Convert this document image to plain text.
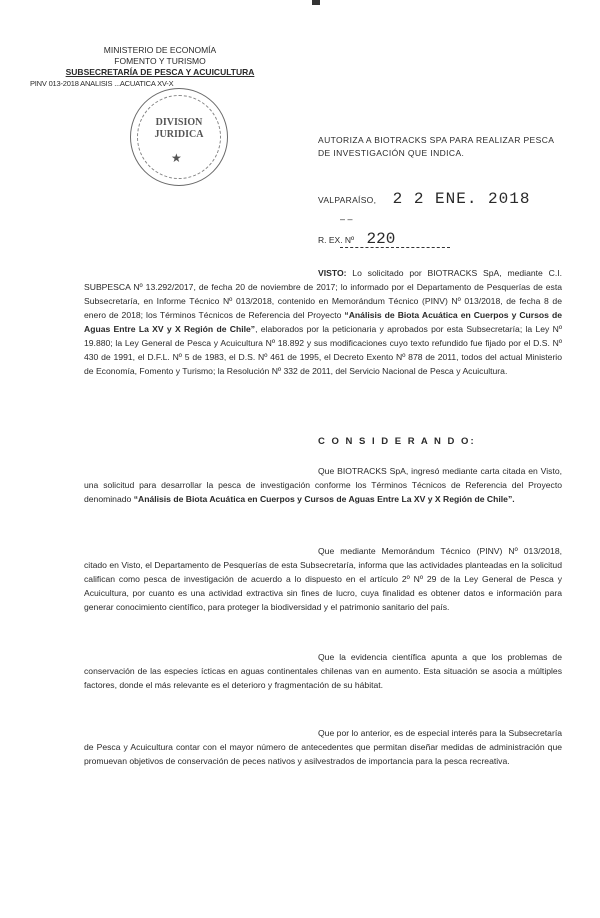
MINISTERIO DE ECONOMÍA
FOMENTO Y TURISMO
SUBSECRETARÍA DE PESCA Y ACUICULTURA
PINV 013-2018 ANALISIS ...ACUATICA XV-X
DIVISION
JURIDICA
★
AUTORIZA A BIOTRACKS SPA PARA REALIZAR PESCA DE INVESTIGACIÓN QUE INDICA.
VALPARAÍSO, 2 2 ENE. 2018
– –
R. EX. Nº 220
VISTO: Lo solicitado por BIOTRACKS SpA, mediante C.I. SUBPESCA Nº 13.292/2017, de fecha 20 de noviembre de 2017; lo informado por el Departamento de Pesquerías de esta Subsecretaría, en Informe Técnico Nº 013/2018, contenido en Memorándum Técnico (PINV) Nº 013/2018, de fecha 8 de enero de 2018; los Términos Técnicos de Referencia del Proyecto “Análisis de Biota Acuática en Cuerpos y Cursos de Aguas Entre La XV y X Región de Chile”, elaborados por la peticionaria y aprobados por esta Subsecretaría; la Ley Nº 19.880; la Ley General de Pesca y Acuicultura Nº 18.892 y sus modificaciones cuyo texto refundido fue fijado por el D.S. Nº 430 de 1991, el D.F.L. Nº 5 de 1983, el D.S. Nº 461 de 1995, el Decreto Exento Nº 878 de 2011, todos del actual Ministerio de Economía, Fomento y Turismo; la Resolución Nº 332 de 2011, del Servicio Nacional de Pesca y Acuicultura.
C O N S I D E R A N D O:
Que BIOTRACKS SpA, ingresó mediante carta citada en Visto, una solicitud para desarrollar la pesca de investigación conforme los Términos Técnicos de Referencia del Proyecto denominado “Análisis de Biota Acuática en Cuerpos y Cursos de Aguas Entre La XV y X Región de Chile”.
Que mediante Memorándum Técnico (PINV) Nº 013/2018, citado en Visto, el Departamento de Pesquerías de esta Subsecretaría, informa que las actividades planteadas en la solicitud califican como pesca de investigación de acuerdo a lo dispuesto en el artículo 2º Nº 29 de la Ley General de Pesca y Acuicultura, por cuanto es una actividad extractiva sin fines de lucro, cuya finalidad es obtener datos e información para generar conocimiento científico, para proteger la biodiversidad y el patrimonio sanitario del país.
Que la evidencia científica apunta a que los problemas de conservación de las especies ícticas en aguas continentales chilenas van en aumento. Esta situación se asocia a múltiples factores, donde el más relevante es el deterioro y fragmentación de su hábitat.
Que por lo anterior, es de especial interés para la Subsecretaría de Pesca y Acuicultura contar con el mayor número de antecedentes que permitan diseñar medidas de administración que promuevan objetivos de conservación de peces nativos y asilvestrados de importancia para la pesca recreativa.
